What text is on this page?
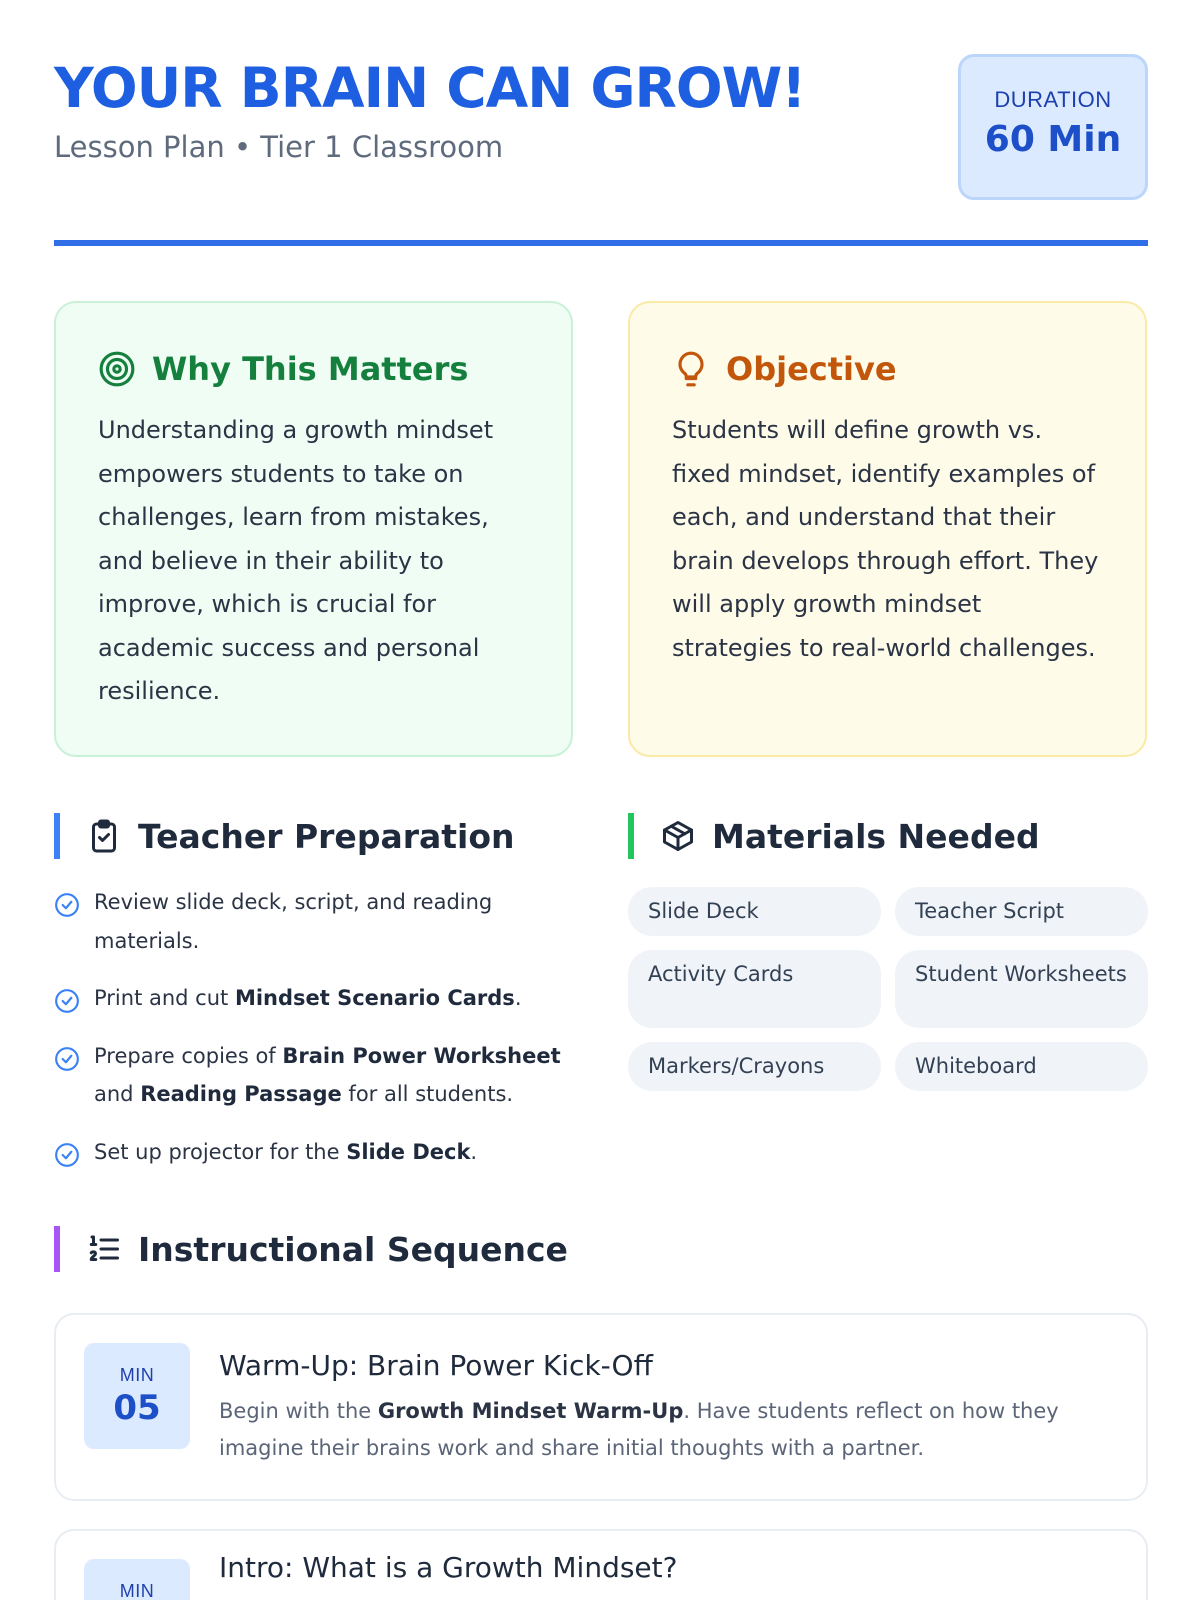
YOUR BRAIN CAN GROW!
Lesson Plan • Tier 1 Classroom
DURATION
60 Min
Why This Matters

Understanding a growth mindset empowers students to take on challenges, learn from mistakes, and believe in their ability to improve, which is crucial for academic success and personal resilience.

Objective

Students will define growth vs. fixed mindset, identify examples of each, and understand that their brain develops through effort. They will apply growth mindset strategies to real-world challenges.

Teacher Preparation
Review slide deck, script, and reading materials.
Print and cut Mindset Scenario Cards.
Prepare copies of Brain Power Worksheet and Reading Passage for all students.
Set up projector for the Slide Deck.
Materials Needed
Slide Deck	Teacher Script
Activity Cards	Student Worksheets
Markers/Crayons	Whiteboard
Instructional Sequence
MIN
05
Warm-Up: Brain Power Kick-Off
Begin with the Growth Mindset Warm-Up. Have students reflect on how they imagine their brains work and share initial thoughts with a partner.
MIN
Intro: What is a Growth Mindset?
